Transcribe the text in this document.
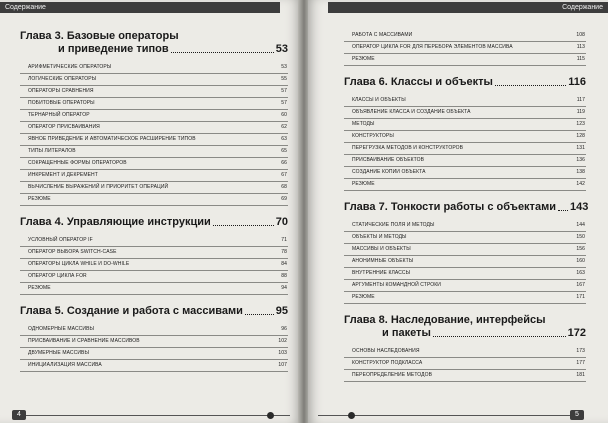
Содержание
Глава 3. Базовые операторы
и приведение типов	53
АРИФМЕТИЧЕСКИЕ ОПЕРАТОРЫ	53
ЛОГИЧЕСКИЕ ОПЕРАТОРЫ	55
ОПЕРАТОРЫ СРАВНЕНИЯ	57
ПОБИТОВЫЕ ОПЕРАТОРЫ	57
ТЕРНАРНЫЙ ОПЕРАТОР	60
ОПЕРАТОР ПРИСВАИВАНИЯ	62
ЯВНОЕ ПРИВЕДЕНИЕ И АВТОМАТИЧЕСКОЕ РАСШИРЕНИЕ ТИПОВ	63
ТИПЫ ЛИТЕРАЛОВ	65
СОКРАЩЕННЫЕ ФОРМЫ ОПЕРАТОРОВ	66
ИНКРЕМЕНТ И ДЕКРЕМЕНТ	67
ВЫЧИСЛЕНИЕ ВЫРАЖЕНИЙ И ПРИОРИТЕТ ОПЕРАЦИЙ	68
РЕЗЮМЕ	69
Глава 4. Управляющие инструкции	70
УСЛОВНЫЙ ОПЕРАТОР IF	71
ОПЕРАТОР ВЫБОРА SWITCH-CASE	78
ОПЕРАТОРЫ ЦИКЛА WHILE И DO-WHILE	84
ОПЕРАТОР ЦИКЛА FOR	88
РЕЗЮМЕ	94
Глава 5. Создание и работа с массивами	95
ОДНОМЕРНЫЕ МАССИВЫ	96
ПРИСВАИВАНИЕ И СРАВНЕНИЕ МАССИВОВ	102
ДВУМЕРНЫЕ МАССИВЫ	103
ИНИЦИАЛИЗАЦИЯ МАССИВА	107
4
Содержание
РАБОТА С МАССИВАМИ	108
ОПЕРАТОР ЦИКЛА FOR ДЛЯ ПЕРЕБОРА ЭЛЕМЕНТОВ МАССИВА	113
РЕЗЮМЕ	115
Глава 6. Классы и объекты	116
КЛАССЫ И ОБЪЕКТЫ	117
ОБЪЯВЛЕНИЕ КЛАССА И СОЗДАНИЕ ОБЪЕКТА	119
МЕТОДЫ	123
КОНСТРУКТОРЫ	128
ПЕРЕГРУЗКА МЕТОДОВ И КОНСТРУКТОРОВ	131
ПРИСВАИВАНИЕ ОБЪЕКТОВ	136
СОЗДАНИЕ КОПИИ ОБЪЕКТА	138
РЕЗЮМЕ	142
Глава 7. Тонкости работы с объектами 143
СТАТИЧЕСКИЕ ПОЛЯ И МЕТОДЫ	144
ОБЪЕКТЫ И МЕТОДЫ	150
МАССИВЫ И ОБЪЕКТЫ	156
АНОНИМНЫЕ ОБЪЕКТЫ	160
ВНУТРЕННИЕ КЛАССЫ	163
АРГУМЕНТЫ КОМАНДНОЙ СТРОКИ	167
РЕЗЮМЕ	171
Глава 8. Наследование, интерфейсы
и пакеты	172
ОСНОВЫ НАСЛЕДОВАНИЯ	173
КОНСТРУКТОР ПОДКЛАССА	177
ПЕРЕОПРЕДЕЛЕНИЕ МЕТОДОВ	181
5
